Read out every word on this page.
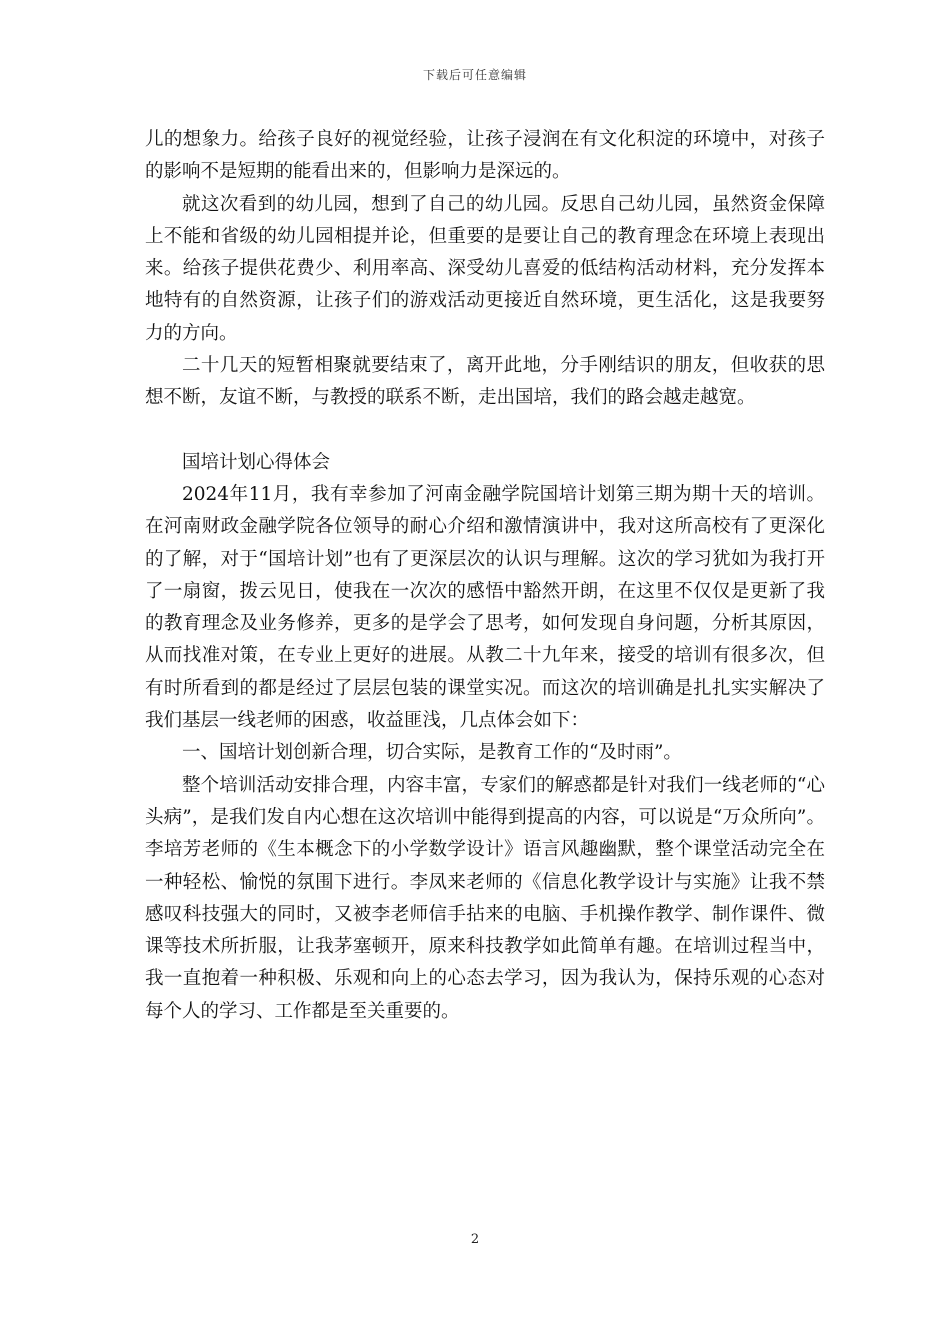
下载后可任意编辑

儿的想象力。给孩子良好的视觉经验，让孩子浸润在有文化积淀的环境中，对孩子的影响不是短期的能看出来的，但影响力是深远的。

就这次看到的幼儿园，想到了自己的幼儿园。反思自己幼儿园，虽然资金保障上不能和省级的幼儿园相提并论，但重要的是要让自己的教育理念在环境上表现出来。给孩子提供花费少、利用率高、深受幼儿喜爱的低结构活动材料，充分发挥本地特有的自然资源，让孩子们的游戏活动更接近自然环境，更生活化，这是我要努力的方向。

二十几天的短暂相聚就要结束了，离开此地，分手刚结识的朋友，但收获的思想不断，友谊不断，与教授的联系不断，走出国培，我们的路会越走越宽。

国培计划心得体会

2024年11月，我有幸参加了河南金融学院国培计划第三期为期十天的培训。在河南财政金融学院各位领导的耐心介绍和激情演讲中，我对这所高校有了更深化的了解，对于“国培计划”也有了更深层次的认识与理解。这次的学习犹如为我打开了一扇窗，拨云见日，使我在一次次的感悟中豁然开朗，在这里不仅仅是更新了我的教育理念及业务修养，更多的是学会了思考，如何发现自身问题，分析其原因，从而找准对策，在专业上更好的进展。从教二十九年来，接受的培训有很多次，但有时所看到的都是经过了层层包装的课堂实况。而这次的培训确是扎扎实实解决了我们基层一线老师的困惑，收益匪浅，几点体会如下：

一、国培计划创新合理，切合实际，是教育工作的“及时雨”。

整个培训活动安排合理，内容丰富，专家们的解惑都是针对我们一线老师的“心头病”，是我们发自内心想在这次培训中能得到提高的内容，可以说是“万众所向”。李培芳老师的《生本概念下的小学数学设计》语言风趣幽默，整个课堂活动完全在一种轻松、愉悦的氛围下进行。李凤来老师的《信息化教学设计与实施》让我不禁感叹科技强大的同时，又被李老师信手拈来的电脑、手机操作教学、制作课件、微课等技术所折服，让我茅塞顿开，原来科技教学如此简单有趣。在培训过程当中，我一直抱着一种积极、乐观和向上的心态去学习，因为我认为，保持乐观的心态对每个人的学习、工作都是至关重要的。

2
